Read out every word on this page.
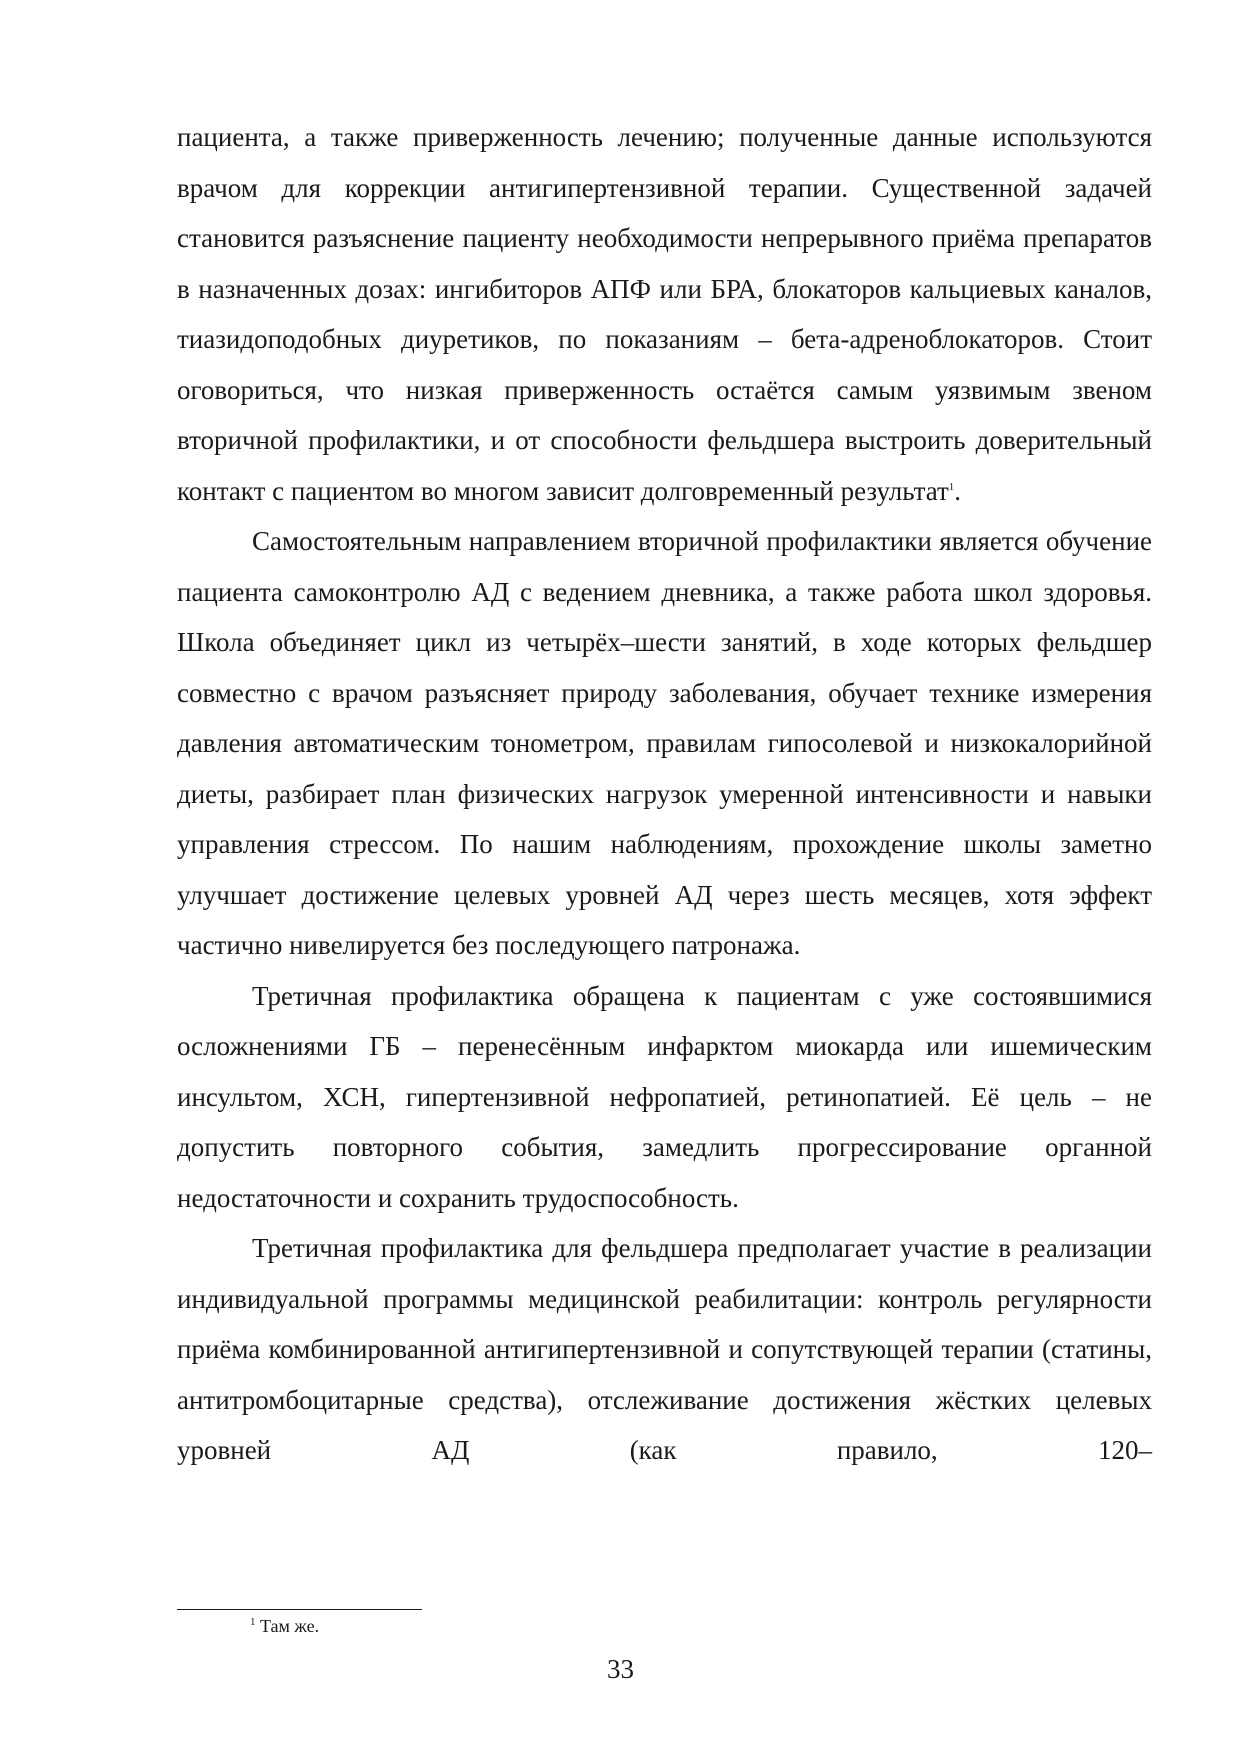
пациента, а также приверженность лечению; полученные данные используются врачом для коррекции антигипертензивной терапии. Существенной задачей становится разъяснение пациенту необходимости непрерывного приёма препаратов в назначенных дозах: ингибиторов АПФ или БРА, блокаторов кальциевых каналов, тиазидоподобных диуретиков, по показаниям – бета-адреноблокаторов. Стоит оговориться, что низкая приверженность остаётся самым уязвимым звеном вторичной профилактики, и от способности фельдшера выстроить доверительный контакт с пациентом во многом зависит долговременный результат$^1$.

Самостоятельным направлением вторичной профилактики является обучение пациента самоконтролю АД с ведением дневника, а также работа школ здоровья. Школа объединяет цикл из четырёх–шести занятий, в ходе которых фельдшер совместно с врачом разъясняет природу заболевания, обучает технике измерения давления автоматическим тонометром, правилам гипосолевой и низкокалорийной диеты, разбирает план физических нагрузок умеренной интенсивности и навыки управления стрессом. По нашим наблюдениям, прохождение школы заметно улучшает достижение целевых уровней АД через шесть месяцев, хотя эффект частично нивелируется без последующего патронажа.

Третичная профилактика обращена к пациентам с уже состоявшимися осложнениями ГБ – перенесённым инфарктом миокарда или ишемическим инсультом, ХСН, гипертензивной нефропатией, ретинопатией. Её цель – не допустить повторного события, замедлить прогрессирование органной недостаточности и сохранить трудоспособность.

Третичная профилактика для фельдшера предполагает участие в реализации индивидуальной программы медицинской реабилитации: контроль регулярности приёма комбинированной антигипертензивной и сопутствующей терапии (статины, антитромбоцитарные средства), отслеживание достижения жёстких целевых уровней АД (как правило, 120–

$^1$ Там же.
33
